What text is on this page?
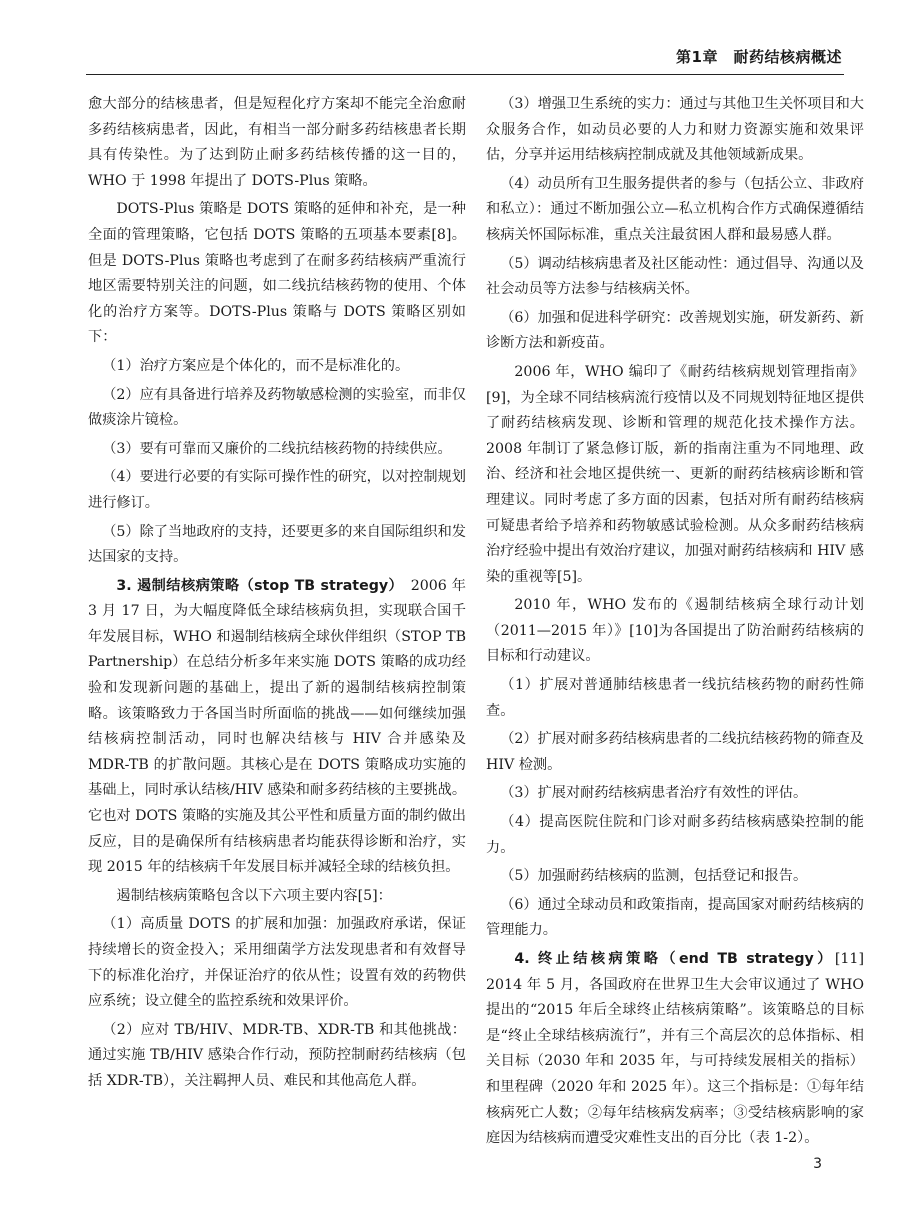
第1章　耐药结核病概述

愈大部分的结核患者，但是短程化疗方案却不能完全治愈耐多药结核病患者，因此，有相当一部分耐多药结核患者长期具有传染性。为了达到防止耐多药结核传播的这一目的，WHO 于 1998 年提出了 DOTS-Plus 策略。

DOTS-Plus 策略是 DOTS 策略的延伸和补充，是一种全面的管理策略，它包括 DOTS 策略的五项基本要素[8]。但是 DOTS-Plus 策略也考虑到了在耐多药结核病严重流行地区需要特别关注的问题，如二线抗结核药物的使用、个体化的治疗方案等。DOTS-Plus 策略与 DOTS 策略区别如下：

（1）治疗方案应是个体化的，而不是标准化的。

（2）应有具备进行培养及药物敏感检测的实验室，而非仅做痰涂片镜检。

（3）要有可靠而又廉价的二线抗结核药物的持续供应。

（4）要进行必要的有实际可操作性的研究，以对控制规划进行修订。

（5）除了当地政府的支持，还要更多的来自国际组织和发达国家的支持。

3. 遏制结核病策略（stop TB strategy）　2006 年 3 月 17 日，为大幅度降低全球结核病负担，实现联合国千年发展目标，WHO 和遏制结核病全球伙伴组织（STOP TB Partnership）在总结分析多年来实施 DOTS 策略的成功经验和发现新问题的基础上，提出了新的遏制结核病控制策略。该策略致力于各国当时所面临的挑战——如何继续加强结核病控制活动，同时也解决结核与 HIV 合并感染及 MDR-TB 的扩散问题。其核心是在 DOTS 策略成功实施的基础上，同时承认结核/HIV 感染和耐多药结核的主要挑战。它也对 DOTS 策略的实施及其公平性和质量方面的制约做出反应，目的是确保所有结核病患者均能获得诊断和治疗，实现 2015 年的结核病千年发展目标并减轻全球的结核负担。

遏制结核病策略包含以下六项主要内容[5]：

（1）高质量 DOTS 的扩展和加强：加强政府承诺，保证持续增长的资金投入；采用细菌学方法发现患者和有效督导下的标准化治疗，并保证治疗的依从性；设置有效的药物供应系统；设立健全的监控系统和效果评价。

（2）应对 TB/HIV、MDR-TB、XDR-TB 和其他挑战：通过实施 TB/HIV 感染合作行动，预防控制耐药结核病（包括 XDR-TB），关注羁押人员、难民和其他高危人群。

（3）增强卫生系统的实力：通过与其他卫生关怀项目和大众服务合作，如动员必要的人力和财力资源实施和效果评估，分享并运用结核病控制成就及其他领域新成果。

（4）动员所有卫生服务提供者的参与（包括公立、非政府和私立）：通过不断加强公立—私立机构合作方式确保遵循结核病关怀国际标准，重点关注最贫困人群和最易感人群。

（5）调动结核病患者及社区能动性：通过倡导、沟通以及社会动员等方法参与结核病关怀。

（6）加强和促进科学研究：改善规划实施，研发新药、新诊断方法和新疫苗。

2006 年，WHO 编印了《耐药结核病规划管理指南》[9]，为全球不同结核病流行疫情以及不同规划特征地区提供了耐药结核病发现、诊断和管理的规范化技术操作方法。2008 年制订了紧急修订版，新的指南注重为不同地理、政治、经济和社会地区提供统一、更新的耐药结核病诊断和管理建议。同时考虑了多方面的因素，包括对所有耐药结核病可疑患者给予培养和药物敏感试验检测。从众多耐药结核病治疗经验中提出有效治疗建议，加强对耐药结核病和 HIV 感染的重视等[5]。

2010 年，WHO 发布的《遏制结核病全球行动计划（2011—2015 年）》[10]为各国提出了防治耐药结核病的目标和行动建议。

（1）扩展对普通肺结核患者一线抗结核药物的耐药性筛查。

（2）扩展对耐多药结核病患者的二线抗结核药物的筛查及 HIV 检测。

（3）扩展对耐药结核病患者治疗有效性的评估。

（4）提高医院住院和门诊对耐多药结核病感染控制的能力。

（5）加强耐药结核病的监测，包括登记和报告。

（6）通过全球动员和政策指南，提高国家对耐药结核病的管理能力。

4. 终止结核病策略（end TB strategy）[11]　2014 年 5 月，各国政府在世界卫生大会审议通过了 WHO 提出的“2015 年后全球终止结核病策略”。该策略总的目标是“终止全球结核病流行”，并有三个高层次的总体指标、相关目标（2030 年和 2035 年，与可持续发展相关的指标）和里程碑（2020 年和 2025 年）。这三个指标是：①每年结核病死亡人数；②每年结核病发病率；③受结核病影响的家庭因为结核病而遭受灾难性支出的百分比（表 1-2）。

3
